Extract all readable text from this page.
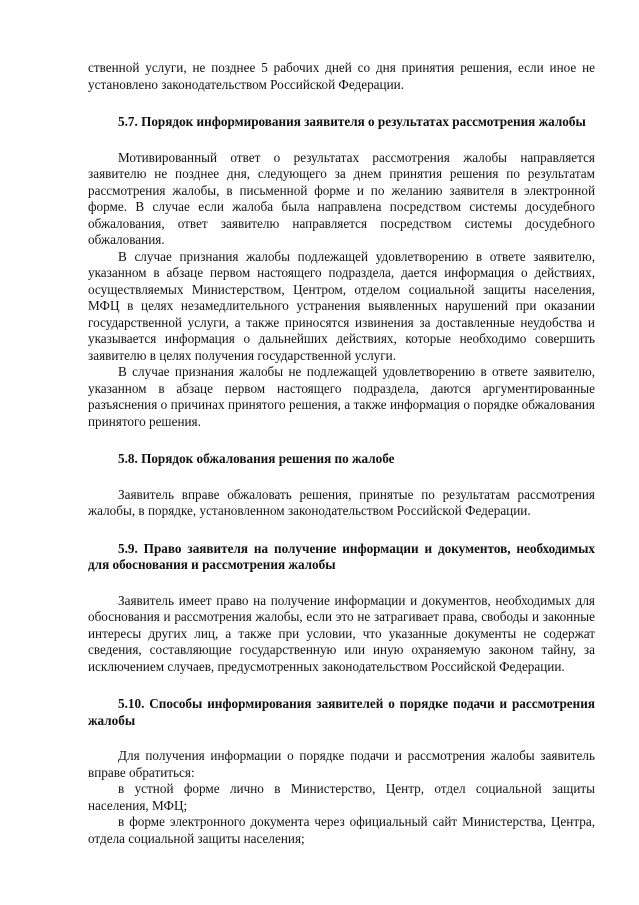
ственной услуги, не позднее 5 рабочих дней со дня принятия решения, если иное не установлено законодательством Российской Федерации.

5.7. Порядок информирования заявителя о результатах рассмотрения жалобы

Мотивированный ответ о результатах рассмотрения жалобы направляется заявителю не позднее дня, следующего за днем принятия решения по результатам рассмотрения жалобы, в письменной форме и по желанию заявителя в электронной форме. В случае если жалоба была направлена посредством системы досудебного обжалования, ответ заявителю направляется посредством системы досудебного обжалования.

В случае признания жалобы подлежащей удовлетворению в ответе заявителю, указанном в абзаце первом настоящего подраздела, дается информация о действиях, осуществляемых Министерством, Центром, отделом социальной защиты населения, МФЦ в целях незамедлительного устранения выявленных нарушений при оказании государственной услуги, а также приносятся извинения за доставленные неудобства и указывается информация о дальнейших действиях, которые необходимо совершить заявителю в целях получения государственной услуги.

В случае признания жалобы не подлежащей удовлетворению в ответе заявителю, указанном в абзаце первом настоящего подраздела, даются аргументированные разъяснения о причинах принятого решения, а также информация о порядке обжалования принятого решения.

5.8. Порядок обжалования решения по жалобе

Заявитель вправе обжаловать решения, принятые по результатам рассмотрения жалобы, в порядке, установленном законодательством Российской Федерации.

5.9. Право заявителя на получение информации и документов, необходимых для обоснования и рассмотрения жалобы

Заявитель имеет право на получение информации и документов, необходимых для обоснования и рассмотрения жалобы, если это не затрагивает права, свободы и законные интересы других лиц, а также при условии, что указанные документы не содержат сведения, составляющие государственную или иную охраняемую законом тайну, за исключением случаев, предусмотренных законодательством Российской Федерации.

5.10. Способы информирования заявителей о порядке подачи и рассмотрения жалобы

Для получения информации о порядке подачи и рассмотрения жалобы заявитель вправе обратиться:

в устной форме лично в Министерство, Центр, отдел социальной защиты населения, МФЦ;

в форме электронного документа через официальный сайт Министерства, Центра, отдела социальной защиты населения;
